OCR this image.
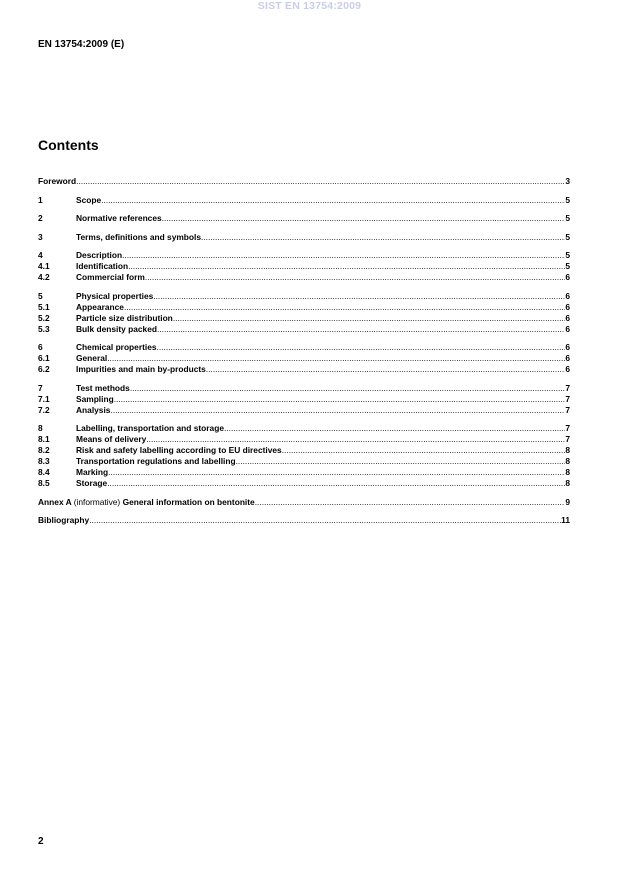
SIST EN 13754:2009
EN 13754:2009 (E)
Contents
Foreword .....	3
1	Scope .....	5
2	Normative references .....	5
3	Terms, definitions and symbols .....	5
4	Description .....	5
4.1	Identification .....	5
4.2	Commercial form .....	6
5	Physical properties .....	6
5.1	Appearance .....	6
5.2	Particle size distribution .....	6
5.3	Bulk density packed .....	6
6	Chemical properties .....	6
6.1	General .....	6
6.2	Impurities and main by-products .....	6
7	Test methods .....	7
7.1	Sampling .....	7
7.2	Analysis .....	7
8	Labelling, transportation and storage .....	7
8.1	Means of delivery .....	7
8.2	Risk and safety labelling according to EU directives .....	8
8.3	Transportation regulations and labelling .....	8
8.4	Marking .....	8
8.5	Storage .....	8
Annex A (informative) General information on bentonite .....	9
Bibliography .....	11
2
